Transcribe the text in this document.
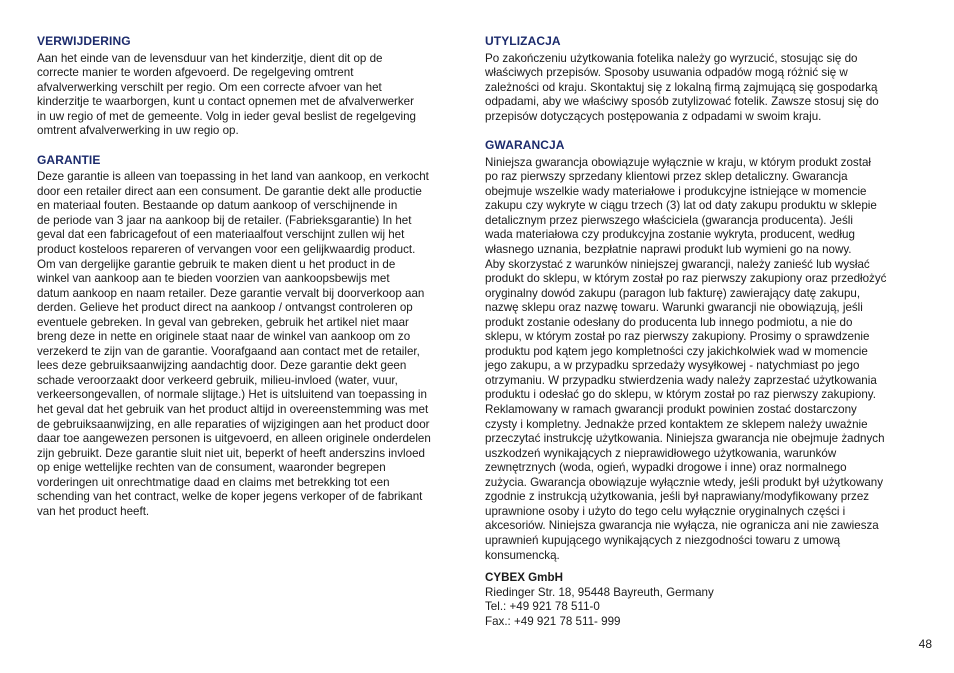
VERWIJDERING

Aan het einde van de levensduur van het kinderzitje, dient dit op de
correcte manier te worden afgevoerd. De regelgeving omtrent
afvalverwerking verschilt per regio. Om een correcte afvoer van het
kinderzitje te waarborgen, kunt u contact opnemen met de afvalverwerker
in uw regio of met de gemeente. Volg in ieder geval beslist de regelgeving
omtrent afvalverwerking in uw regio op.

GARANTIE

Deze garantie is alleen van toepassing in het land van aankoop, en verkocht
door een retailer direct aan een consument. De garantie dekt alle productie
en materiaal fouten. Bestaande op datum aankoop of verschijnende in
de periode van 3 jaar na aankoop bij de retailer. (Fabrieksgarantie) In het
geval dat een fabricagefout of een materiaalfout verschijnt zullen wij het
product kosteloos repareren of vervangen voor een gelijkwaardig product.
Om van dergelijke garantie gebruik te maken dient u het product in de
winkel van aankoop aan te bieden voorzien van aankoopsbewijs met
datum aankoop en naam retailer. Deze garantie vervalt bij doorverkoop aan
derden. Gelieve het product direct na aankoop / ontvangst controleren op
eventuele gebreken. In geval van gebreken, gebruik het artikel niet maar
breng deze in nette en originele staat naar de winkel van aankoop om zo
verzekerd te zijn van de garantie. Voorafgaand aan contact met de retailer,
lees deze gebruiksaanwijzing aandachtig door. Deze garantie dekt geen
schade veroorzaakt door verkeerd gebruik, milieu-invloed (water, vuur,
verkeersongevallen, of normale slijtage.) Het is uitsluitend van toepassing in
het geval dat het gebruik van het product altijd in overeenstemming was met
de gebruiksaanwijzing, en alle reparaties of wijzigingen aan het product door
daar toe aangewezen personen is uitgevoerd, en alleen originele onderdelen
zijn gebruikt. Deze garantie sluit niet uit, beperkt of heeft anderszins invloed
op enige wettelijke rechten van de consument, waaronder begrepen
vorderingen uit onrechtmatige daad en claims met betrekking tot een
schending van het contract, welke de koper jegens verkoper of de fabrikant
van het product heeft.

UTYLIZACJA

Po zakończeniu użytkowania fotelika należy go wyrzucić, stosując się do
właściwych przepisów. Sposoby usuwania odpadów mogą różnić się w
zależności od kraju. Skontaktuj się z lokalną firmą zajmującą się gospodarką
odpadami, aby we właściwy sposób zutylizować fotelik. Zawsze stosuj się do
przepisów dotyczących postępowania z odpadami w swoim kraju.

GWARANCJA

Niniejsza gwarancja obowiązuje wyłącznie w kraju, w którym produkt został
po raz pierwszy sprzedany klientowi przez sklep detaliczny. Gwarancja
obejmuje wszelkie wady materiałowe i produkcyjne istniejące w momencie
zakupu czy wykryte w ciągu trzech (3) lat od daty zakupu produktu w sklepie
detalicznym przez pierwszego właściciela (gwarancja producenta). Jeśli
wada materiałowa czy produkcyjna zostanie wykryta, producent, według
własnego uznania, bezpłatnie naprawi produkt lub wymieni go na nowy.
Aby skorzystać z warunków niniejszej gwarancji, należy zanieść lub wysłać
produkt do sklepu, w którym został po raz pierwszy zakupiony oraz przedłożyć
oryginalny dowód zakupu (paragon lub fakturę) zawierający datę zakupu,
nazwę sklepu oraz nazwę towaru. Warunki gwarancji nie obowiązują, jeśli
produkt zostanie odesłany do producenta lub innego podmiotu, a nie do
sklepu, w którym został po raz pierwszy zakupiony. Prosimy o sprawdzenie
produktu pod kątem jego kompletności czy jakichkolwiek wad w momencie
jego zakupu, a w przypadku sprzedaży wysyłkowej - natychmiast po jego
otrzymaniu. W przypadku stwierdzenia wady należy zaprzestać użytkowania
produktu i odesłać go do sklepu, w którym został po raz pierwszy zakupiony.
Reklamowany w ramach gwarancji produkt powinien zostać dostarczony
czysty i kompletny. Jednakże przed kontaktem ze sklepem należy uważnie
przeczytać instrukcję użytkowania. Niniejsza gwarancja nie obejmuje żadnych
uszkodzeń wynikających z nieprawidłowego użytkowania, warunków
zewnętrznych (woda, ogień, wypadki drogowe i inne) oraz normalnego
zużycia. Gwarancja obowiązuje wyłącznie wtedy, jeśli produkt był użytkowany
zgodnie z instrukcją użytkowania, jeśli był naprawiany/modyfikowany przez
uprawnione osoby i użyto do tego celu wyłącznie oryginalnych części i
akcesoriów. Niniejsza gwarancja nie wyłącza, nie ogranicza ani nie zawiesza
uprawnień kupującego wynikających z niezgodności towaru z umową
konsumencką.

CYBEX GmbH

Riedinger Str. 18, 95448 Bayreuth, Germany

Tel.: +49 921 78 511-0

Fax.: +49 921 78 511- 999

48
